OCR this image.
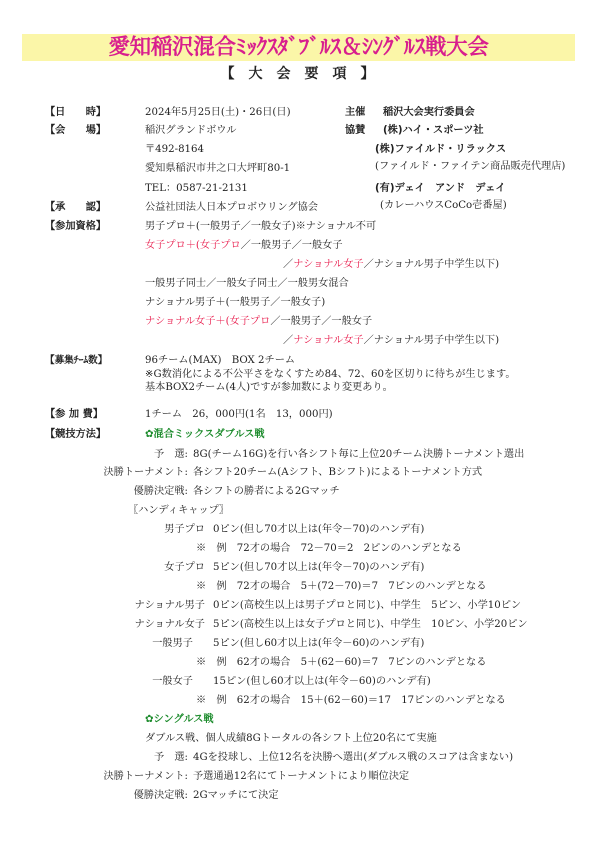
愛知稲沢混合ﾐｯｸｽﾀﾞﾌﾞﾙｽ＆ｼﾝｸﾞﾙｽ戦大会
【　大　会　要　項　】
【日　　時】	2024年5月25日(土)・26日(日)
【会　　場】	稲沢グランドボウル
〒492-8164
愛知県稲沢市井之口大坪町80-1
TEL：0587-21-2131
主催 稲沢大会実行委員会
協賛 (株)ハイ・スポーツ社
(株)ファイルド・リラックス
(ファイルド・ファイテン商品販売代理店)
(有)デェイ　アンド　デェイ
(カレーハウスCoCo壱番屋)
【承　　認】	公益社団法人日本プロボウリング協会
【参加資格】	男子プロ＋(一般男子／一般女子)※ナショナル不可
女子プロ＋(女子プロ／一般男子／一般女子
／ナショナル女子／ナショナル男子中学生以下)
一般男子同士／一般女子同士／一般男女混合
ナショナル男子＋(一般男子／一般女子)
ナショナル女子＋(女子プロ／一般男子／一般女子
／ナショナル女子／ナショナル男子中学生以下)
【募集ﾁｰﾑ数】	96チーム(MAX)　BOX 2チーム
※G数消化による不公平さをなくすため84、72、60を区切りに待ちが生じます。
基本BOX2チーム(4人)ですが参加数により変更あり。
【参 加 費】	1チーム　26，000円(1名　13，000円)
【競技方法】	✿混合ミックスダブルス戦
予　選: 8G(チーム16G)を行い各シフト毎に上位20チーム決勝トーナメント選出
決勝トーナメント: 各シフト20チーム(Aシフト、Bシフト)によるトーナメント方式
優勝決定戦: 各シフトの勝者による2Gマッチ
〖ハンディキャップ〗
男子プロ 0ピン(但し70才以上は(年令－70)のハンデ有)
※　例　72才の場合　72－70＝2　2ピンのハンデとなる
女子プロ 5ピン(但し70才以上は(年令－70)のハンデ有)
※　例　72才の場合　5＋(72－70)＝7　7ピンのハンデとなる
ナショナル男子 0ピン(高校生以上は男子プロと同じ)、中学生　5ピン、小学10ピン
ナショナル女子 5ピン(高校生以上は女子プロと同じ)、中学生　10ピン、小学20ピン
一般男子 5ピン(但し60才以上は(年令－60)のハンデ有)
※　例　62才の場合　5＋(62－60)＝7　7ピンのハンデとなる
一般女子 15ピン(但し60才以上は(年令－60)のハンデ有)
※　例　62才の場合　15＋(62－60)＝17　17ピンのハンデとなる
✿シングルス戦
ダブルス戦、個人成績8Gトータルの各シフト上位20名にて実施
予　選: 4Gを投球し、上位12名を決勝へ選出(ダブルス戦のスコアは含まない)
決勝トーナメント: 予選通過12名にてトーナメントにより順位決定
優勝決定戦: 2Gマッチにて決定
